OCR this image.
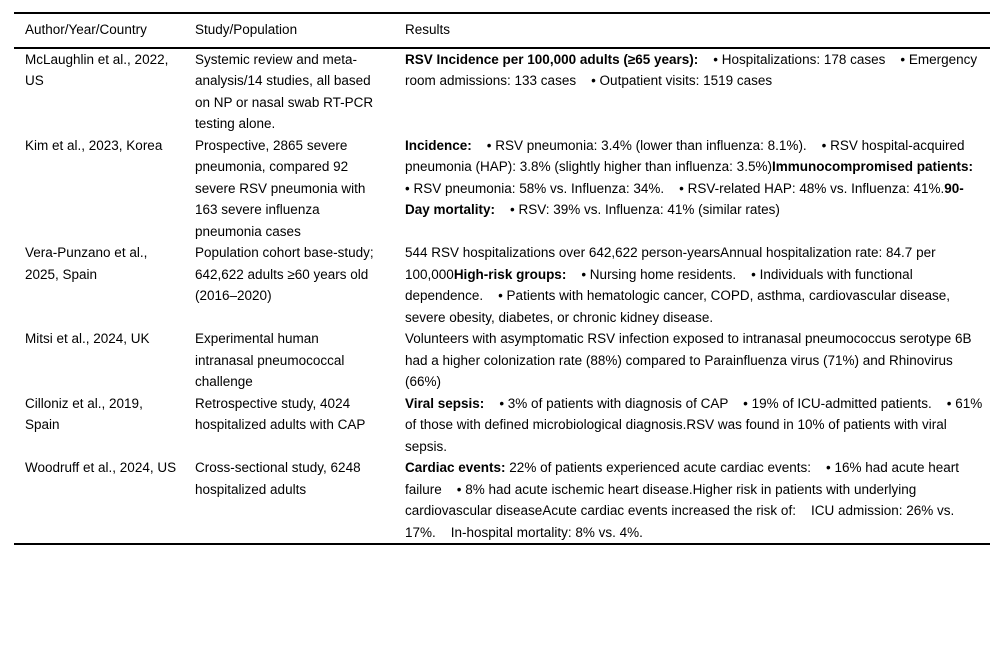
Author/Year/Country	Study/Population	Results
McLaughlin et al., 2022, US	Systemic review and meta-analysis/14 studies, all based on NP or nasal swab RT-PCR testing alone.	RSV Incidence per 100,000 adults (≥65 years):    • Hospitalizations: 178 cases    • Emergency room admissions: 133 cases    • Outpatient visits: 1519 cases
Kim et al., 2023, Korea	Prospective, 2865 severe pneumonia, compared 92 severe RSV pneumonia with 163 severe influenza pneumonia cases	Incidence:    • RSV pneumonia: 3.4% (lower than influenza: 8.1%).    • RSV hospital-acquired pneumonia (HAP): 3.8% (slightly higher than influenza: 3.5%)Immunocompromised patients:    • RSV pneumonia: 58% vs. Influenza: 34%.    • RSV-related HAP: 48% vs. Influenza: 41%.90-Day mortality:    • RSV: 39% vs. Influenza: 41% (similar rates)
Vera-Punzano et al., 2025, Spain	Population cohort base-study; 642,622 adults ≥60 years old (2016–2020)	544 RSV hospitalizations over 642,622 person-yearsAnnual hospitalization rate: 84.7 per 100,000High-risk groups:    • Nursing home residents.    • Individuals with functional dependence.    • Patients with hematologic cancer, COPD, asthma, cardiovascular disease, severe obesity, diabetes, or chronic kidney disease.
Mitsi et al., 2024, UK	Experimental human intranasal pneumococcal challenge	Volunteers with asymptomatic RSV infection exposed to intranasal pneumococcus serotype 6B had a higher colonization rate (88%) compared to Parainfluenza virus (71%) and Rhinovirus (66%)
Cilloniz et al., 2019, Spain	Retrospective study, 4024 hospitalized adults with CAP	Viral sepsis:    • 3% of patients with diagnosis of CAP    • 19% of ICU-admitted patients.    • 61% of those with defined microbiological diagnosis.RSV was found in 10% of patients with viral sepsis.
Woodruff et al., 2024, US	Cross-sectional study, 6248 hospitalized adults	Cardiac events: 22% of patients experienced acute cardiac events:    • 16% had acute heart failure    • 8% had acute ischemic heart disease.Higher risk in patients with underlying cardiovascular diseaseAcute cardiac events increased the risk of:    ICU admission: 26% vs. 17%.    In-hospital mortality: 8% vs. 4%.
